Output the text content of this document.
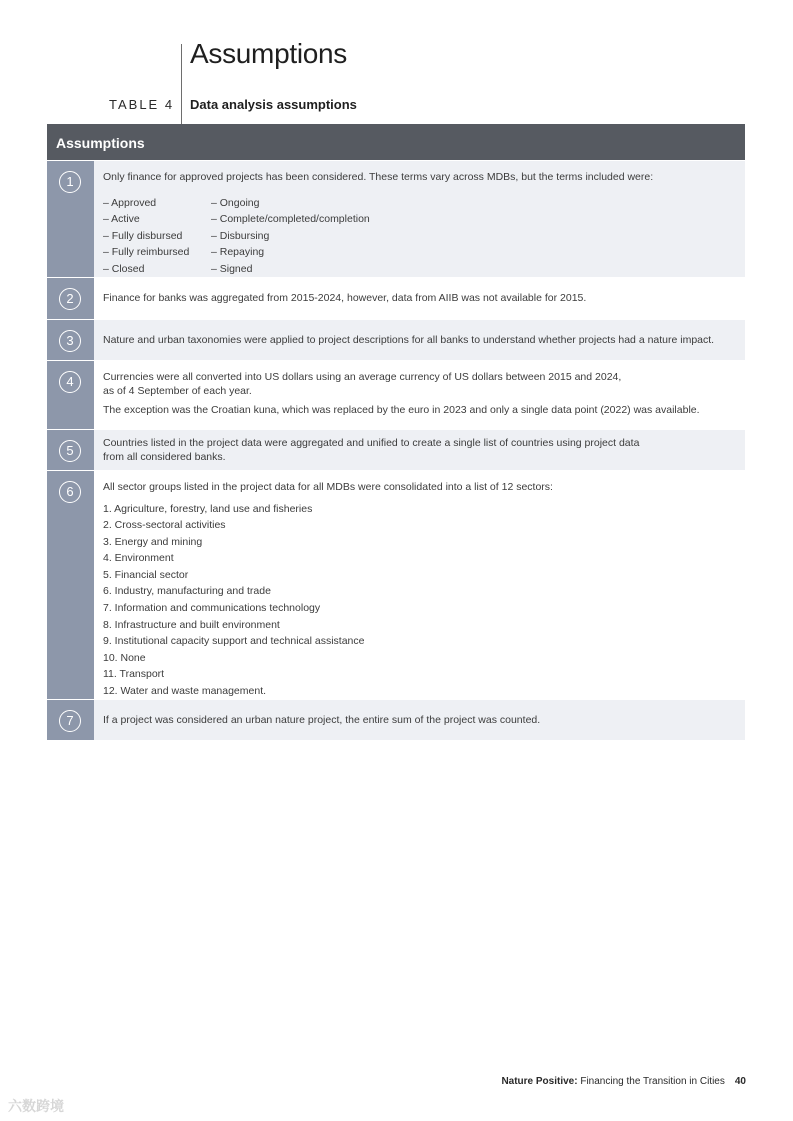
Assumptions
TABLE 4 Data analysis assumptions
Assumptions
1	Only finance for approved projects has been considered. These terms vary across MDBs, but the terms included were:

– Approved
– Active
– Fully disbursed
– Fully reimbursed
– Closed
– Ongoing
– Complete/completed/completion
– Disbursing
– Repaying
– Signed
2	Finance for banks was aggregated from 2015-2024, however, data from AIIB was not available for 2015.

3	Nature and urban taxonomies were applied to project descriptions for all banks to understand whether projects had a nature impact.

4	Currencies were all converted into US dollars using an average currency of US dollars between 2015 and 2024,

as of 4 September of each year.

The exception was the Croatian kuna, which was replaced by the euro in 2023 and only a single data point (2022) was available.

5	Countries listed in the project data were aggregated and unified to create a single list of countries using project data
from all considered banks.
6	All sector groups listed in the project data for all MDBs were consolidated into a list of 12 sectors:

1. Agriculture, forestry, land use and fisheries
2. Cross-sectoral activities
3. Energy and mining
4. Environment
5. Financial sector
6. Industry, manufacturing and trade
7. Information and communications technology
8. Infrastructure and built environment
9. Institutional capacity support and technical assistance
10. None
11. Transport
12. Water and waste management.
7	If a project was considered an urban nature project, the entire sum of the project was counted.

Nature Positive: Financing the Transition in Cities 40
六数跨境
